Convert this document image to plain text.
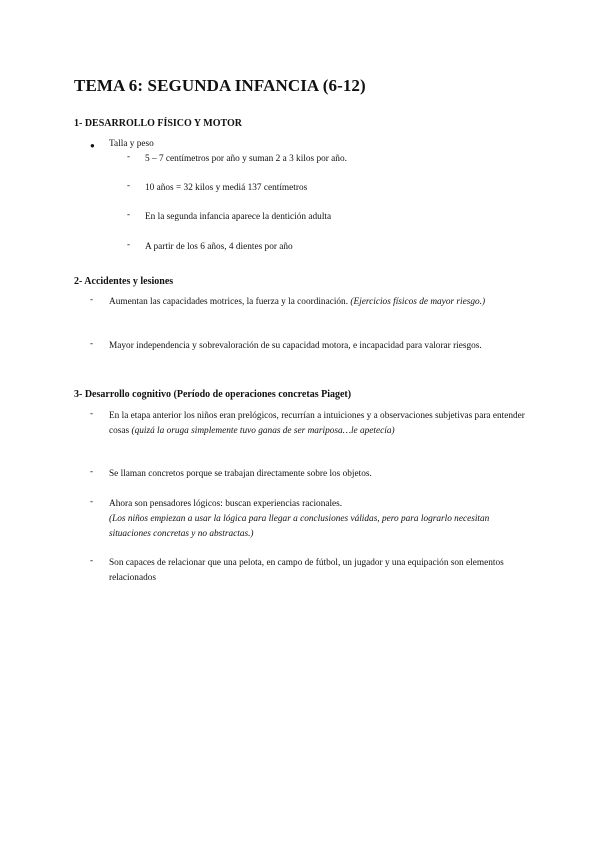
TEMA 6: SEGUNDA INFANCIA (6-12)
1- DESARROLLO FÍSICO Y MOTOR
● Talla y peso
- 5 – 7 centímetros por año y suman 2 a 3 kilos por año.
- 10 años = 32 kilos y mediá 137 centímetros
- En la segunda infancia aparece la dentición adulta
- A partir de los 6 años, 4 dientes por año
2- Accidentes y lesiones
- Aumentan las capacidades motrices, la fuerza y la coordinación. (Ejercicios físicos de mayor riesgo.)
- Mayor independencia y sobrevaloración de su capacidad motora, e incapacidad para valorar riesgos.
3- Desarrollo cognitivo (Período de operaciones concretas Piaget)
- En la etapa anterior los niños eran prelógicos, recurrían a intuiciones y a observaciones subjetivas para entender cosas (quizá la oruga simplemente tuvo ganas de ser mariposa…le apetecía)
- Se llaman concretos porque se trabajan directamente sobre los objetos.
- Ahora son pensadores lógicos: buscan experiencias racionales.
(Los niños empiezan a usar la lógica para llegar a conclusiones válidas, pero para lograrlo necesitan situaciones concretas y no abstractas.)
- Son capaces de relacionar que una pelota, en campo de fútbol, un jugador y una equipación son elementos relacionados
